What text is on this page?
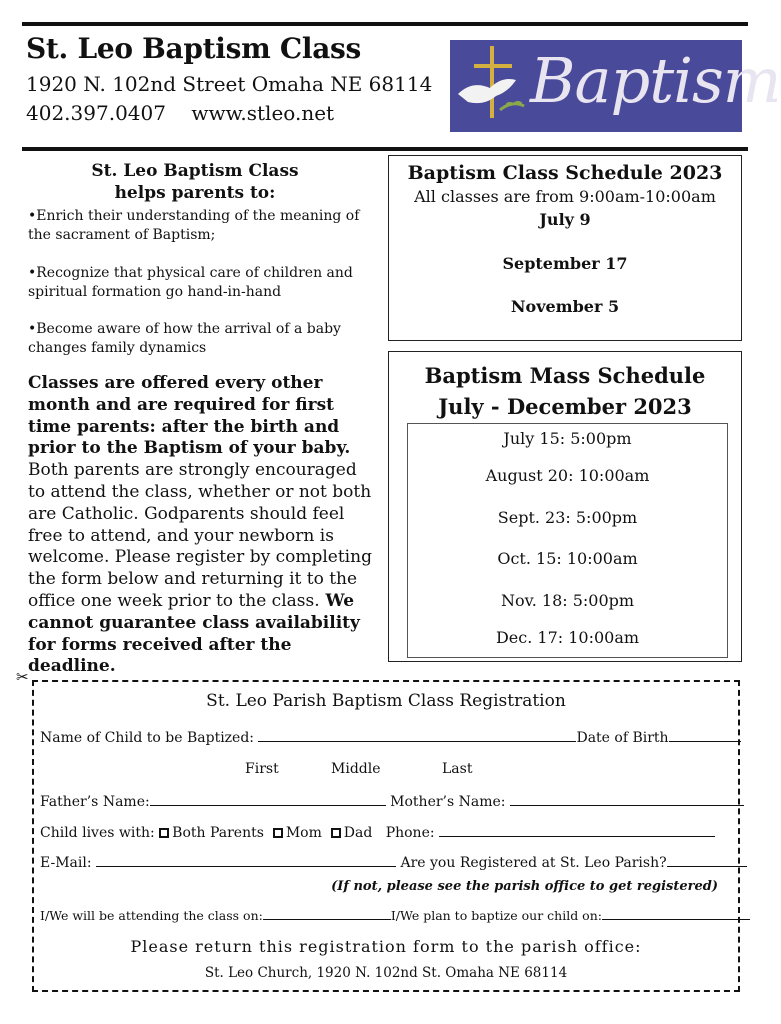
St. Leo Baptism Class
1920 N. 102nd Street Omaha NE 68114
402.397.0407 www.stleo.net	Baptism
St. Leo Baptism Class
helps parents to:
•Enrich their understanding of the meaning of the sacrament of Baptism;
•Recognize that physical care of children and spiritual formation go hand-in-hand
•Become aware of how the arrival of a baby changes family dynamics
Classes are offered every other month and are required for first time parents: after the birth and prior to the Baptism of your baby. Both parents are strongly encouraged to attend the class, whether or not both are Catholic. Godparents should feel free to attend, and your newborn is welcome. Please register by completing the form below and returning it to the office one week prior to the class. We cannot guarantee class availability for forms received after the deadline.
Baptism Class Schedule 2023
All classes are from 9:00am-10:00am
July 9
September 17
November 5
Baptism Mass Schedule
July - December 2023
July 15: 5:00pm
August 20: 10:00am
Sept. 23: 5:00pm
Oct. 15: 10:00am
Nov. 18: 5:00pm
Dec. 17: 10:00am
✂
St. Leo Parish Baptism Class Registration
Name of Child to be Baptized:	Date of Birth
First	Middle	Last
Father’s Name:	Mother’s Name:
Child lives with: Both Parents Mom Dad Phone:
E-Mail:	Are you Registered at St. Leo Parish?
(If not, please see the parish office to get registered)
I/We will be attending the class on:	I/We plan to baptize our child on:
Please return this registration form to the parish office:
St. Leo Church, 1920 N. 102nd St. Omaha NE 68114
